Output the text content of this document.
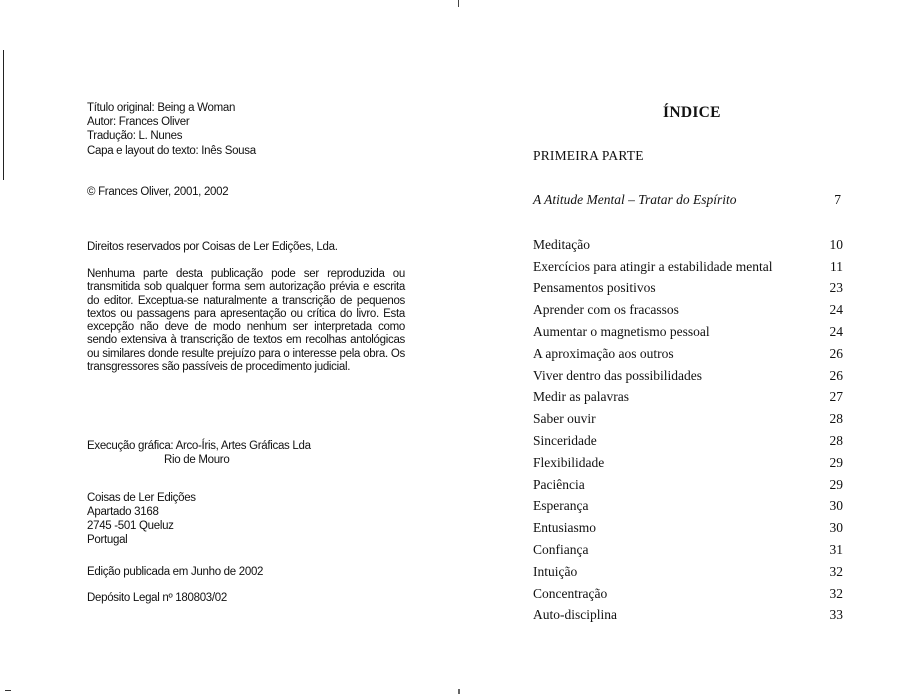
Título original: Being a Woman
Autor: Frances Oliver
Tradução: L. Nunes
Capa e layout do texto: Inês Sousa
© Frances Oliver, 2001, 2002
Direitos reservados por Coisas de Ler Edições, Lda.
Nenhuma parte desta publicação pode ser reproduzida ou transmitida sob qualquer forma sem autorização prévia e escrita do editor. Exceptua-se naturalmente a transcrição de pequenos textos ou passagens para apresentação ou crítica do livro. Esta excepção não deve de modo nenhum ser interpretada como sendo extensiva à transcrição de textos em recolhas antológicas ou similares donde resulte prejuízo para o interesse pela obra. Os transgressores são passíveis de procedimento judicial.
Execução gráfica: Arco-Íris, Artes Gráficas Lda
Rio de Mouro
Coisas de Ler Edições
Apartado 3168
2745 -501 Queluz
Portugal
Edição publicada em Junho de 2002
Depósito Legal nº 180803/02
ÍNDICE
PRIMEIRA PARTE
A Atitude Mental – Tratar do Espírito	7
Meditação	10
Exercícios para atingir a estabilidade mental	11
Pensamentos positivos	23
Aprender com os fracassos	24
Aumentar o magnetismo pessoal	24
A aproximação aos outros	26
Viver dentro das possibilidades	26
Medir as palavras	27
Saber ouvir	28
Sinceridade	28
Flexibilidade	29
Paciência	29
Esperança	30
Entusiasmo	30
Confiança	31
Intuição	32
Concentração	32
Auto-disciplina	33
